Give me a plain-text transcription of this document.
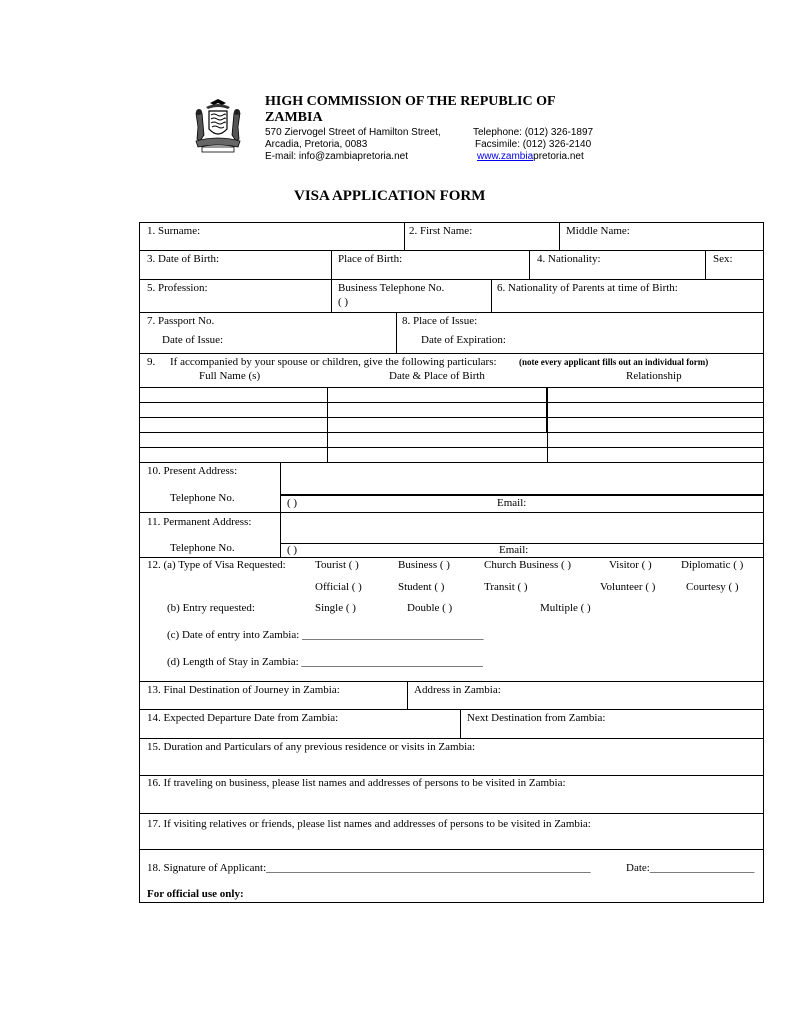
HIGH COMMISSION OF THE REPUBLIC OF
ZAMBIA
570 Ziervogel Street of Hamilton Street,
Arcadia, Pretoria, 0083
E-mail: info@zambiapretoria.net
Telephone: (012) 326-1897
Facsimile: (012) 326-2140
www.zambiapretoria.net
VISA APPLICATION FORM
1. Surname:	2. First Name:	Middle Name:
3. Date of Birth:	Place of Birth:	4. Nationality:	Sex:
5. Profession:	Business Telephone No.
( )
6. Nationality of Parents at time of Birth:
7. Passport No.
Date of Issue:
8. Place of Issue:
Date of Expiration:
9. If accompanied by your spouse or children, give the following particulars: (note every applicant fills out an individual form)
Full Name (s)	Date & Place of Birth	Relationship
10. Present Address:
Telephone No.	( )	Email:
11. Permanent Address:
Telephone No.	( )	Email:
12. (a) Type of Visa Requested:	Tourist ( )	Business ( )	Church Business ( )	Visitor ( )	Diplomatic ( )
Official ( )	Student ( )	Transit ( )	Volunteer ( )	Courtesy ( )
(b) Entry requested:	Single ( )	Double ( )	Multiple ( )
(c) Date of entry into Zambia: _________________________________
(d) Length of Stay in Zambia: _________________________________
13. Final Destination of Journey in Zambia:	Address in Zambia:
14. Expected Departure Date from Zambia:	Next Destination from Zambia:
15. Duration and Particulars of any previous residence or visits in Zambia:
16. If traveling on business, please list names and addresses of persons to be visited in Zambia:
17. If visiting relatives or friends, please list names and addresses of persons to be visited in Zambia:
18. Signature of Applicant:___________________________________________________________	Date:___________________
For official use only:
